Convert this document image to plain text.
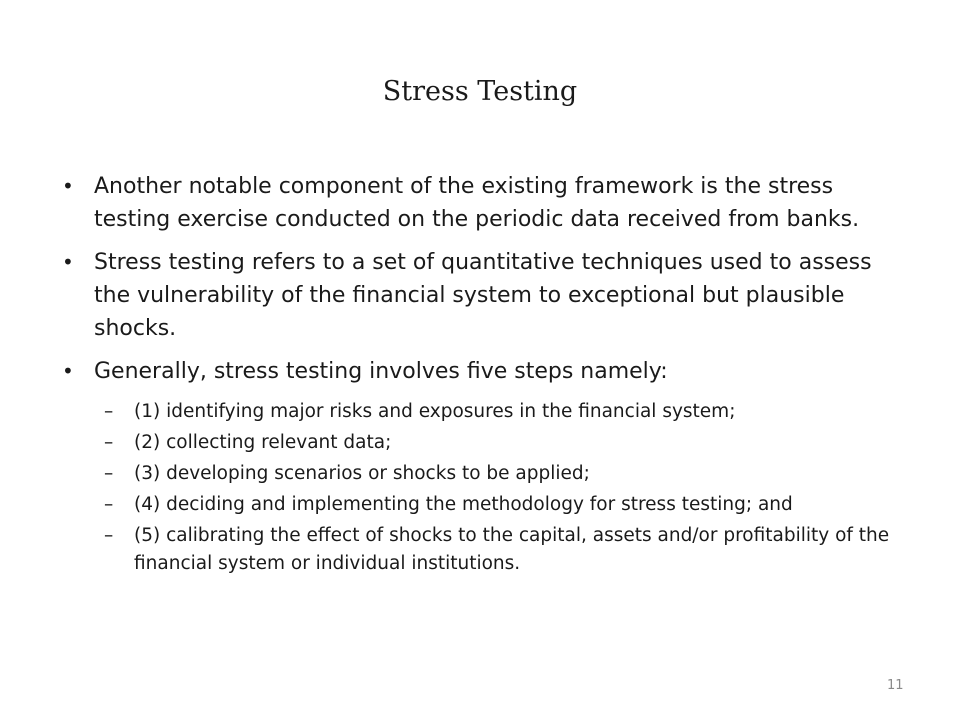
Stress Testing
• Another notable component of the existing framework is the stress testing exercise conducted on the periodic data received from banks.
• Stress testing refers to a set of quantitative techniques used to assess the vulnerability of the financial system to exceptional but plausible shocks.
• Generally, stress testing involves five steps namely:
– (1) identifying major risks and exposures in the financial system;
– (2) collecting relevant data;
– (3) developing scenarios or shocks to be applied;
– (4) deciding and implementing the methodology for stress testing; and
– (5) calibrating the effect of shocks to the capital, assets and/or profitability of the financial system or individual institutions.
11
